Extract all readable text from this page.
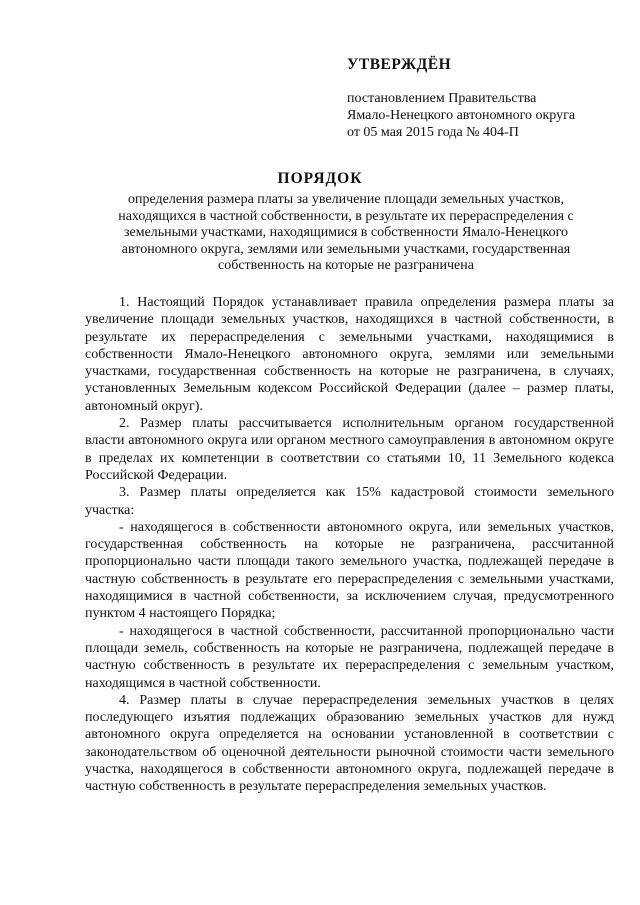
УТВЕРЖДЁН
постановлением Правительства
Ямало-Ненецкого автономного округа
от 05 мая 2015 года № 404-П
ПОРЯДОК
определения размера платы за увеличение площади земельных участков, находящихся в частной собственности, в результате их перераспределения с земельными участками, находящимися в собственности Ямало-Ненецкого автономного округа, землями или земельными участками, государственная собственность на которые не разграничена

1. Настоящий Порядок устанавливает правила определения размера платы за увеличение площади земельных участков, находящихся в частной собственности, в результате их перераспределения с земельными участками, находящимися в собственности Ямало-Ненецкого автономного округа, землями или земельными участками, государственная собственность на которые не разграничена, в случаях, установленных Земельным кодексом Российской Федерации (далее – размер платы, автономный округ).

2. Размер платы рассчитывается исполнительным органом государственной власти автономного округа или органом местного самоуправления в автономном округе в пределах их компетенции в соответствии со статьями 10, 11 Земельного кодекса Российской Федерации.

3. Размер платы определяется как 15% кадастровой стоимости земельного участка:

- находящегося в собственности автономного округа, или земельных участков, государственная собственность на которые не разграничена, рассчитанной пропорционально части площади такого земельного участка, подлежащей передаче в частную собственность в результате его перераспределения с земельными участками, находящимися в частной собственности, за исключением случая, предусмотренного пунктом 4 настоящего Порядка;

- находящегося в частной собственности, рассчитанной пропорционально части площади земель, собственность на которые не разграничена, подлежащей передаче в частную собственность в результате их перераспределения с земельным участком, находящимся в частной собственности.

4. Размер платы в случае перераспределения земельных участков в целях последующего изъятия подлежащих образованию земельных участков для нужд автономного округа определяется на основании установленной в соответствии с законодательством об оценочной деятельности рыночной стоимости части земельного участка, находящегося в собственности автономного округа, подлежащей передаче в частную собственность в результате перераспределения земельных участков.
